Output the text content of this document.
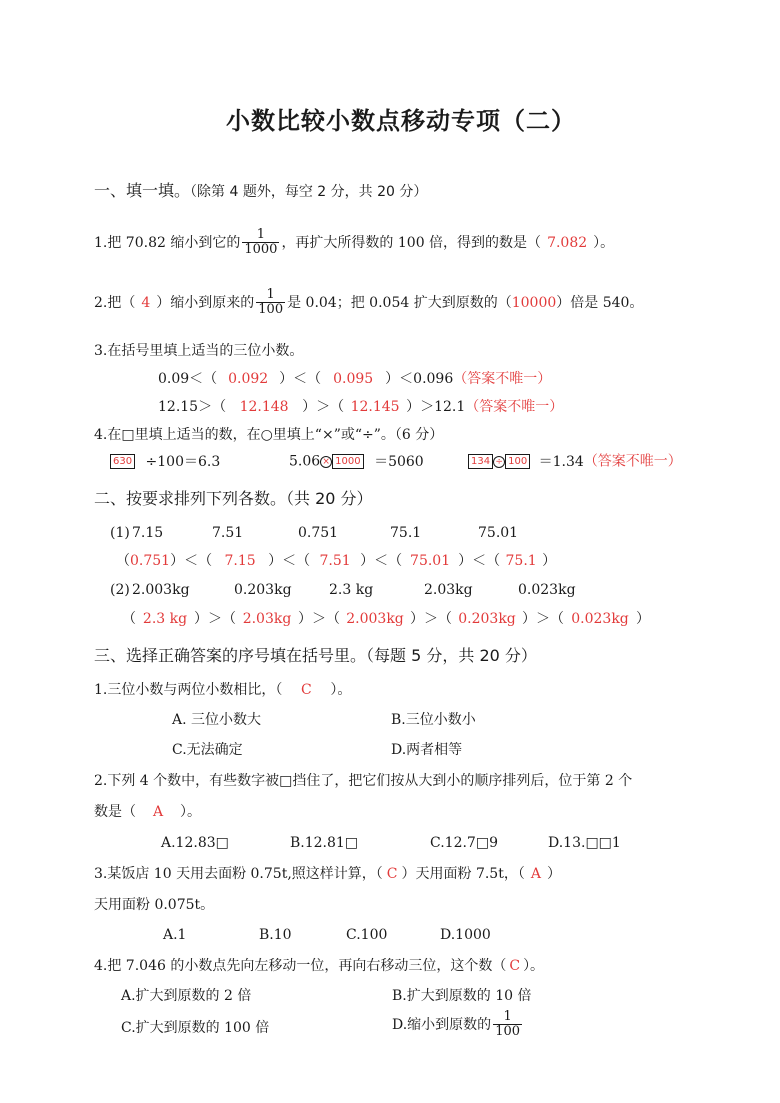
小数比较小数点移动专项（二）
一、填一填。（除第 4 题外，每空 2 分，共 20 分）
1.把 70.82 缩小到它的 $\frac{1}{1000}$ ，再扩大所得数的 100 倍，得到的数是（ 7.082 ）。
2.把（ 4 ）缩小到原来的 $\frac{1}{100}$ 是 0.04；把 0.054 扩大到原数的（10000）倍是 540。
3.在括号里填上适当的三位小数。
0.09＜（ 0.092 ）＜（ 0.095 ）＜0.096（答案不唯一）
12.15＞（ 12.148 ）＞（ 12.145 ）＞12.1（答案不唯一）
4.在□里填上适当的数，在○里填上“×”或“÷”。（6 分）
630 ÷100＝6.3	5.06 × 1000 ＝5060	134 ÷ 100 ＝1.34（答案不唯一）
二、按要求排列下列各数。（共 20 分）
(1) 7.15	7.51	0.751	75.1	75.01
（0.751）＜（ 7.15 ）＜（ 7.51 ）＜（ 75.01 ）＜（ 75.1 ）
(2) 2.003kg	0.203kg	2.3 kg	2.03kg	0.023kg
（ 2.3 kg ）＞（ 2.03kg ）＞（ 2.003kg ）＞（ 0.203kg ）＞（ 0.023kg ）
三、选择正确答案的序号填在括号里。（每题 5 分，共 20 分）
1.三位小数与两位小数相比，（ C ）。
A. 三位小数大	B.三位小数小
C.无法确定	D.两者相等
2.下列 4 个数中，有些数字被□挡住了，把它们按从大到小的顺序排列后，位于第 2 个
数是（ A ）。
A.12.83□	B.12.81□	C.12.7□9	D.13.□□1
3.某饭店 10 天用去面粉 0.75t,照这样计算，（ C ）天用面粉 7.5t，（ A ）
天用面粉 0.075t。
A.1	B.10	C.100	D.1000
4.把 7.046 的小数点先向左移动一位，再向右移动三位，这个数（ C ）。
A.扩大到原数的 2 倍	B.扩大到原数的 10 倍
C.扩大到原数的 100 倍	D.缩小到原数的 $\frac{1}{100}$
